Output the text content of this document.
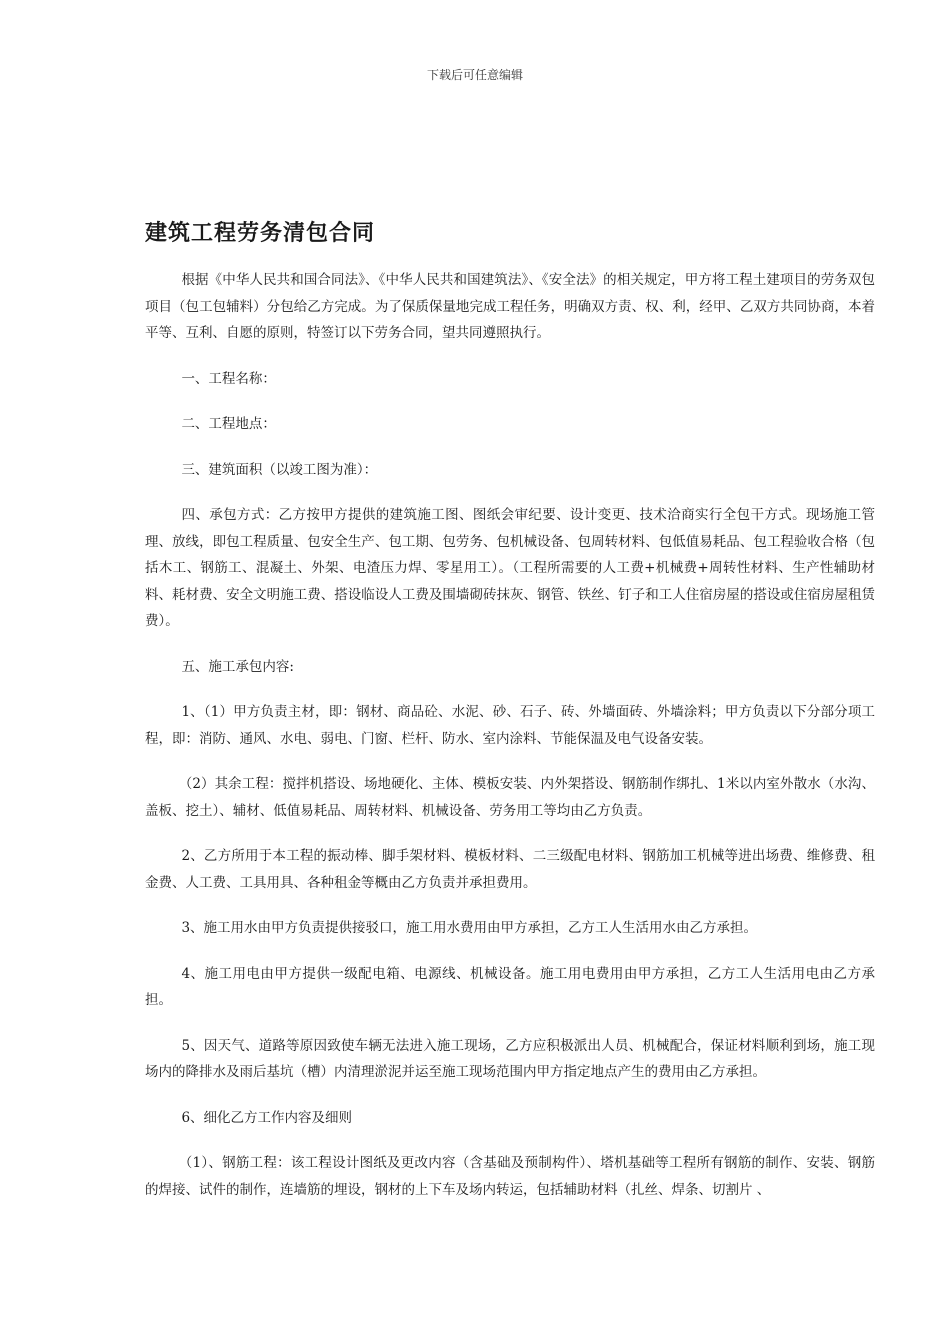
下载后可任意编辑
建筑工程劳务清包合同

根据《中华人民共和国合同法》、《中华人民共和国建筑法》、《安全法》的相关规定，甲方将工程土建项目的劳务双包项目（包工包辅料）分包给乙方完成。为了保质保量地完成工程任务，明确双方责、权、利，经甲、乙双方共同协商，本着平等、互利、自愿的原则，特签订以下劳务合同，望共同遵照执行。

一、工程名称：

二、工程地点：

三、建筑面积（以竣工图为准）：

四、承包方式：乙方按甲方提供的建筑施工图、图纸会审纪要、设计变更、技术洽商实行全包干方式。现场施工管理、放线，即包工程质量、包安全生产、包工期、包劳务、包机械设备、包周转材料、包低值易耗品、包工程验收合格（包括木工、钢筋工、混凝土、外架、电渣压力焊、零星用工）。（工程所需要的人工费+机械费+周转性材料、生产性辅助材料、耗材费、安全文明施工费、搭设临设人工费及围墙砌砖抹灰、钢管、铁丝、钉子和工人住宿房屋的搭设或住宿房屋租赁费）。

五、施工承包内容:

1、（1）甲方负责主材，即：钢材、商品砼、水泥、砂、石子、砖、外墙面砖、外墙涂料；甲方负责以下分部分项工程，即：消防、通风、水电、弱电、门窗、栏杆、防水、室内涂料、节能保温及电气设备安装。

（2）其余工程：搅拌机搭设、场地硬化、主体、模板安装、内外架搭设、钢筋制作绑扎、1米以内室外散水（水沟、盖板、挖土）、辅材、低值易耗品、周转材料、机械设备、劳务用工等均由乙方负责。

2、乙方所用于本工程的振动棒、脚手架材料、模板材料、二三级配电材料、钢筋加工机械等进出场费、维修费、租金费、人工费、工具用具、各种租金等概由乙方负责并承担费用。

3、施工用水由甲方负责提供接驳口，施工用水费用由甲方承担，乙方工人生活用水由乙方承担。

4、施工用电由甲方提供一级配电箱、电源线、机械设备。施工用电费用由甲方承担，乙方工人生活用电由乙方承担。

5、因天气、道路等原因致使车辆无法进入施工现场，乙方应积极派出人员、机械配合，保证材料顺利到场，施工现场内的降排水及雨后基坑（槽）内清理淤泥并运至施工现场范围内甲方指定地点产生的费用由乙方承担。

6、细化乙方工作内容及细则

（1）、钢筋工程：该工程设计图纸及更改内容（含基础及预制构件）、塔机基础等工程所有钢筋的制作、安装、钢筋的焊接、试件的制作，连墙筋的埋设，钢材的上下车及场内转运，包括辅助材料（扎丝、焊条、切割片 、
